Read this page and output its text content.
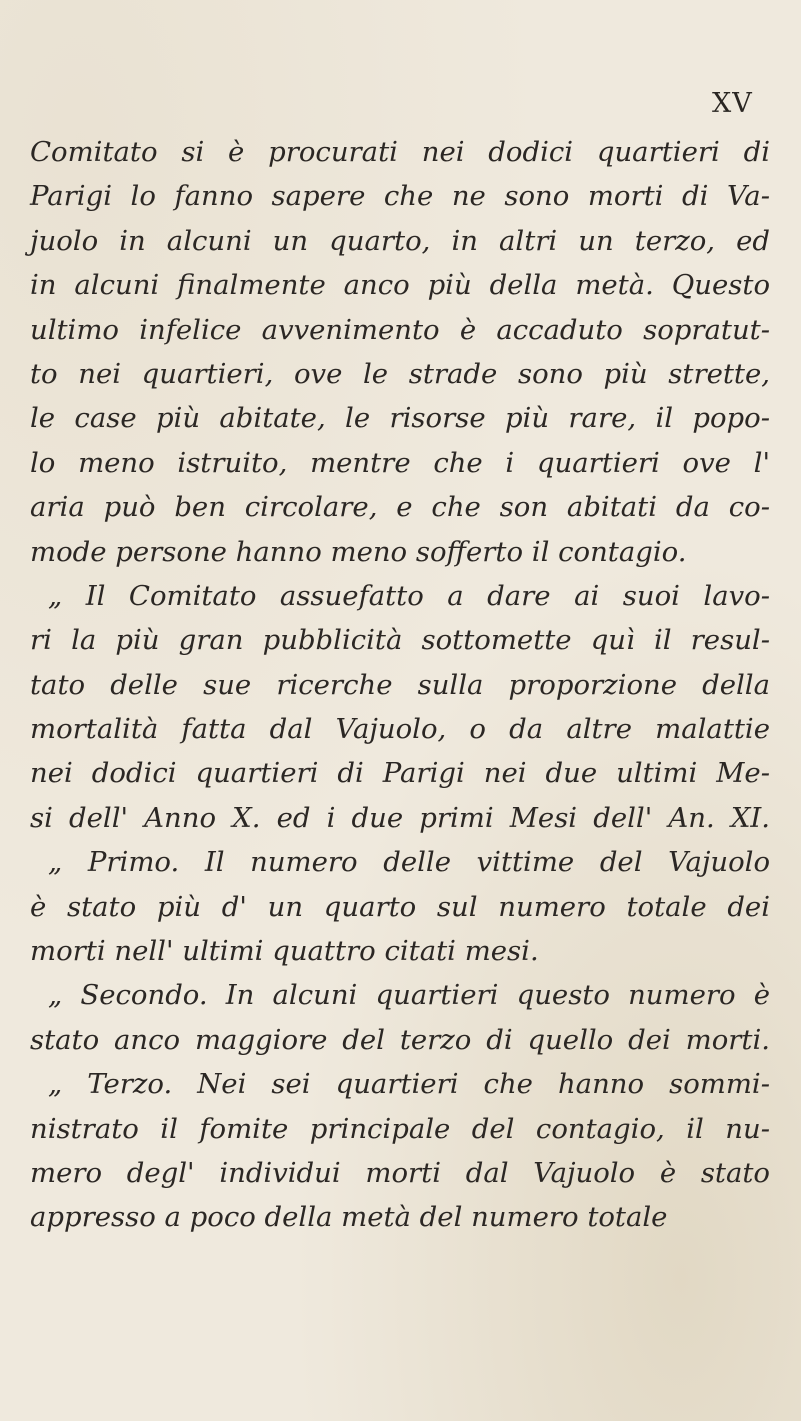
XV
Comitato si è procurati nei dodici quartieri di
Parigi lo fanno sapere che ne sono morti di Va-
juolo in alcuni un quarto, in altri un terzo, ed
in alcuni finalmente anco più della metà. Questo
ultimo infelice avvenimento è accaduto sopratut-
to nei quartieri, ove le strade sono più strette,
le case più abitate, le risorse più rare, il popo-
lo meno istruito, mentre che i quartieri ove l'
aria può ben circolare, e che son abitati da co-
mode persone hanno meno sofferto il contagio.
„ Il Comitato assuefatto a dare ai suoi lavo-
ri la più gran pubblicità sottomette quì il resul-
tato delle sue ricerche sulla proporzione della
mortalità fatta dal Vajuolo, o da altre malattie
nei dodici quartieri di Parigi nei due ultimi Me-
si dell' Anno X. ed i due primi Mesi dell' An. XI.
„ Primo. Il numero delle vittime del Vajuolo
è stato più d' un quarto sul numero totale dei
morti nell' ultimi quattro citati mesi.
„ Secondo. In alcuni quartieri questo numero è
stato anco maggiore del terzo di quello dei morti.
„ Terzo. Nei sei quartieri che hanno sommi-
nistrato il fomite principale del contagio, il nu-
mero degl' individui morti dal Vajuolo è stato
appresso a poco della metà del numero totale
